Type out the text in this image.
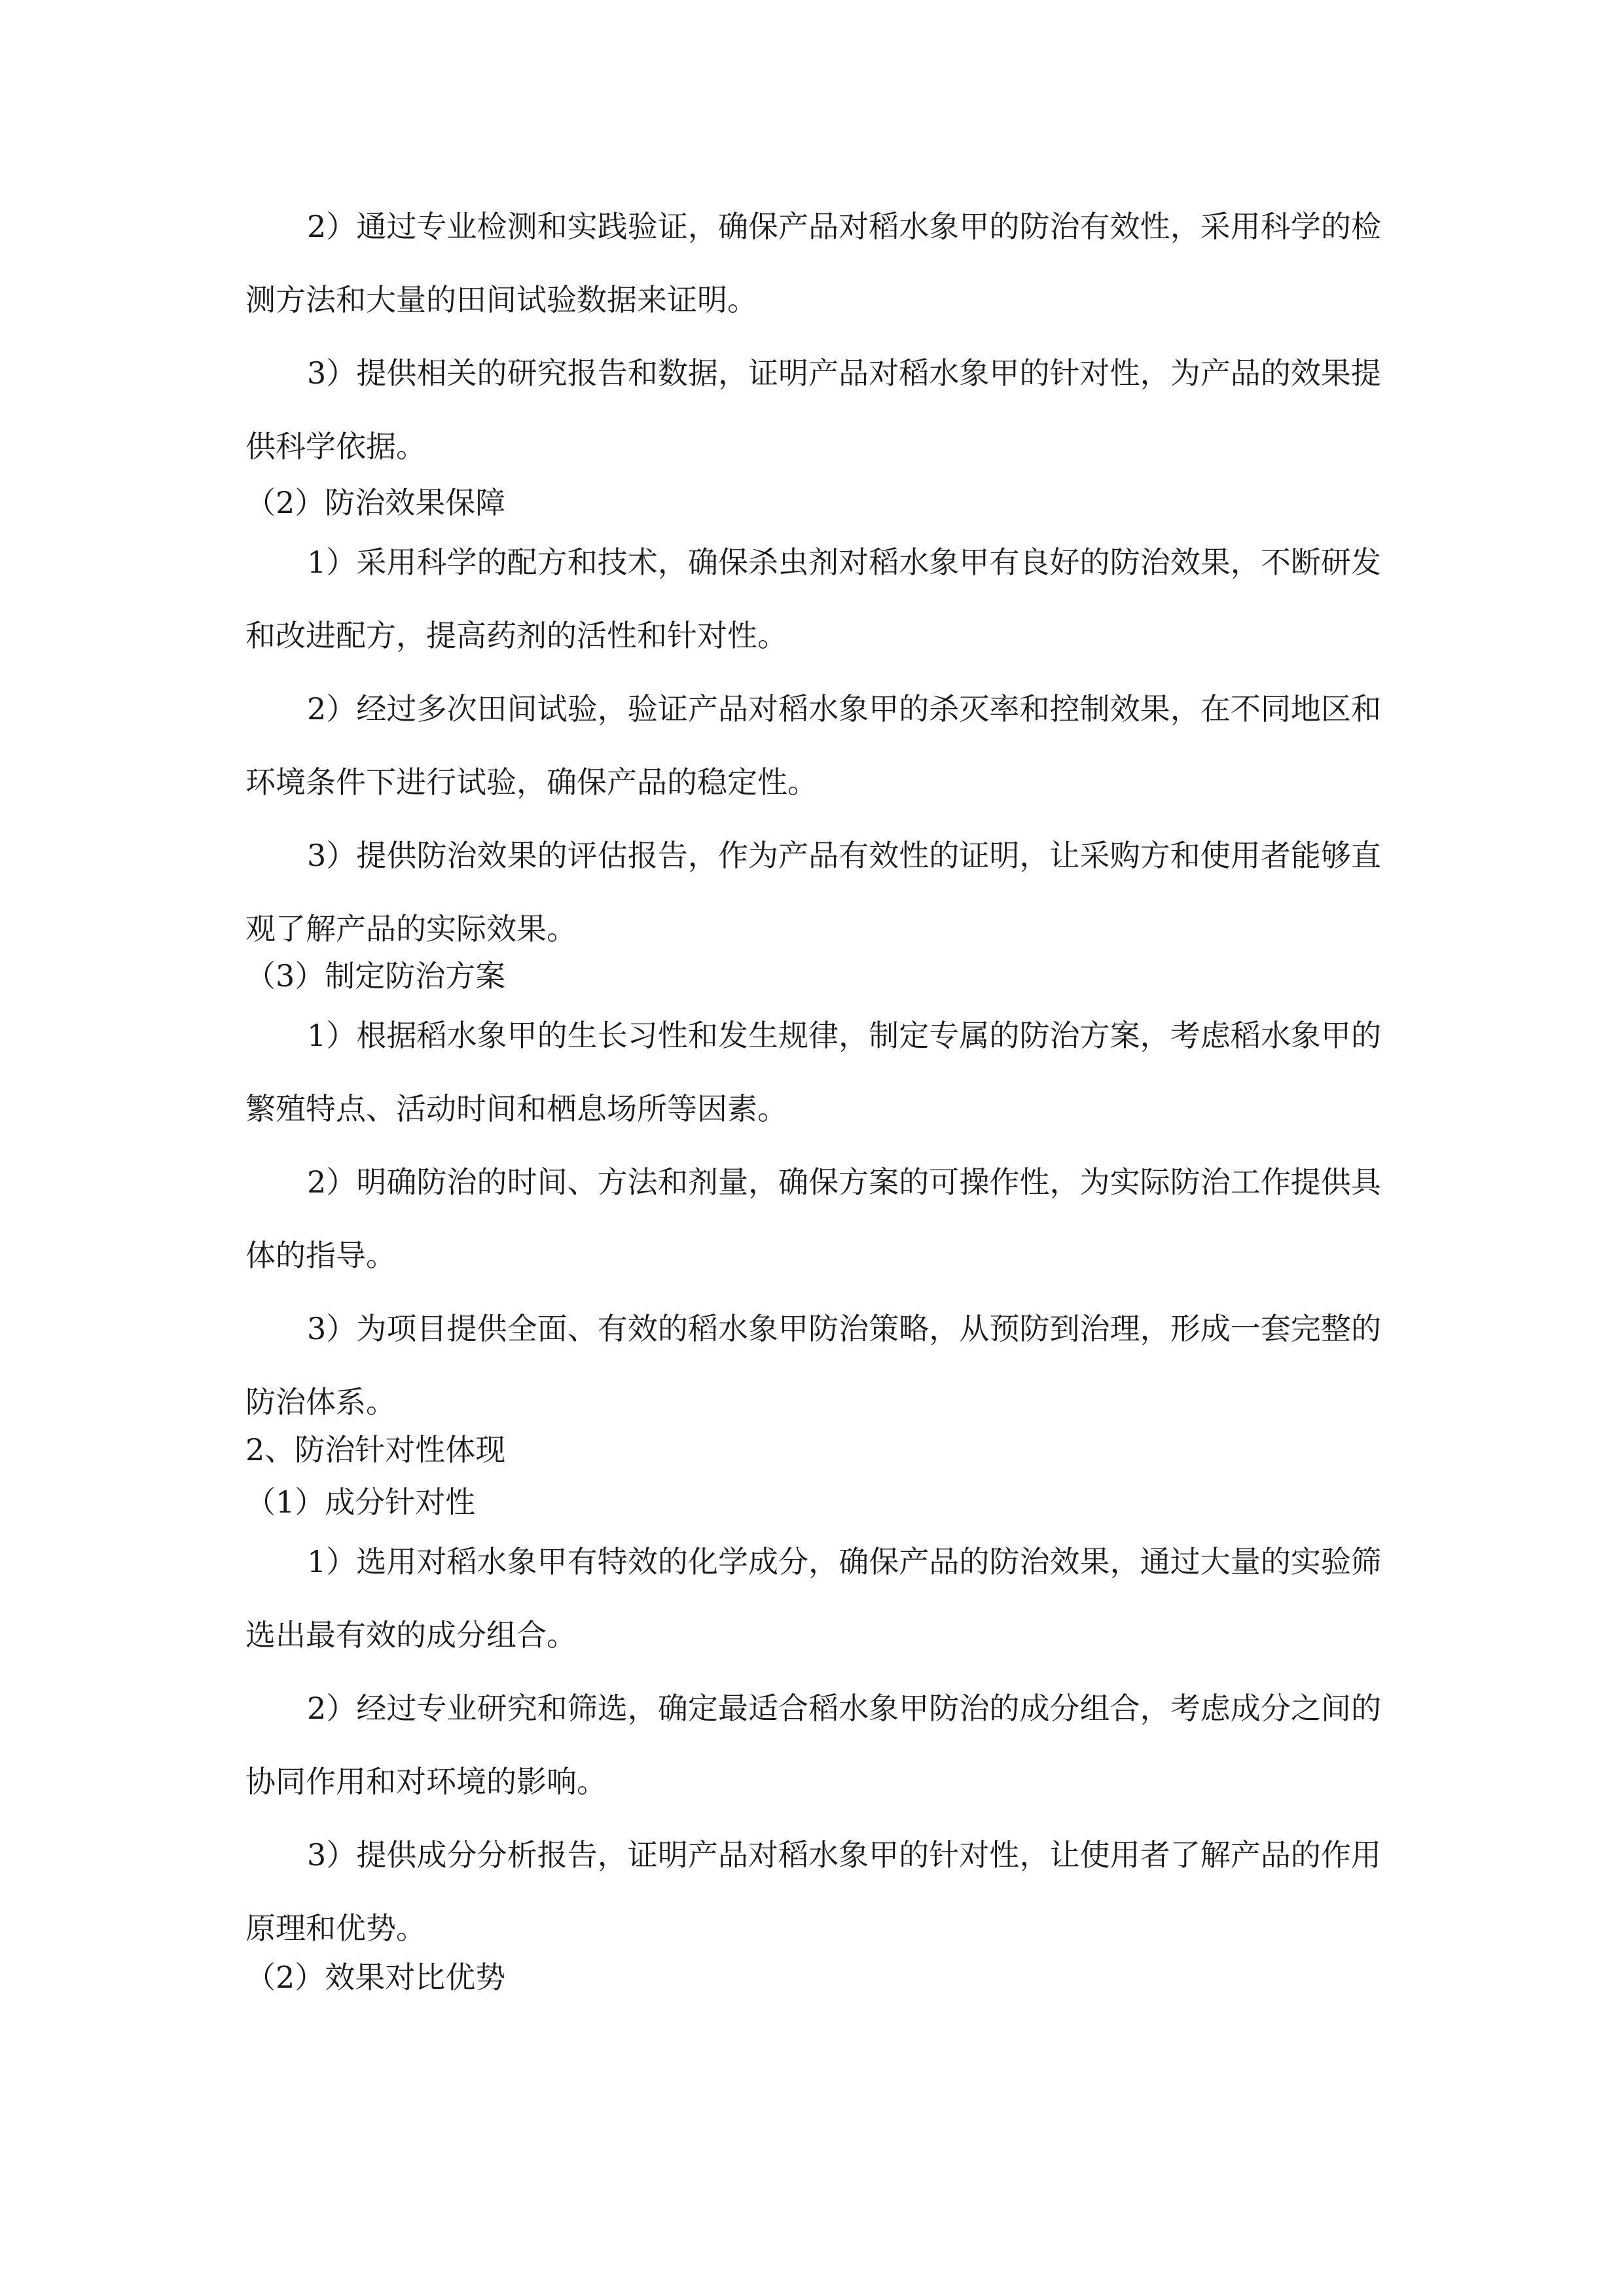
2）通过专业检测和实践验证，确保产品对稻水象甲的防治有效性，采用科学的检测方法和大量的田间试验数据来证明。

3）提供相关的研究报告和数据，证明产品对稻水象甲的针对性，为产品的效果提供科学依据。

（2）防治效果保障

1）采用科学的配方和技术，确保杀虫剂对稻水象甲有良好的防治效果，不断研发和改进配方，提高药剂的活性和针对性。

2）经过多次田间试验，验证产品对稻水象甲的杀灭率和控制效果，在不同地区和环境条件下进行试验，确保产品的稳定性。

3）提供防治效果的评估报告，作为产品有效性的证明，让采购方和使用者能够直观了解产品的实际效果。

（3）制定防治方案

1）根据稻水象甲的生长习性和发生规律，制定专属的防治方案，考虑稻水象甲的繁殖特点、活动时间和栖息场所等因素。

2）明确防治的时间、方法和剂量，确保方案的可操作性，为实际防治工作提供具体的指导。

3）为项目提供全面、有效的稻水象甲防治策略，从预防到治理，形成一套完整的防治体系。

2、防治针对性体现
（1）成分针对性

1）选用对稻水象甲有特效的化学成分，确保产品的防治效果，通过大量的实验筛选出最有效的成分组合。

2）经过专业研究和筛选，确定最适合稻水象甲防治的成分组合，考虑成分之间的协同作用和对环境的影响。

3）提供成分分析报告，证明产品对稻水象甲的针对性，让使用者了解产品的作用原理和优势。

（2）效果对比优势
